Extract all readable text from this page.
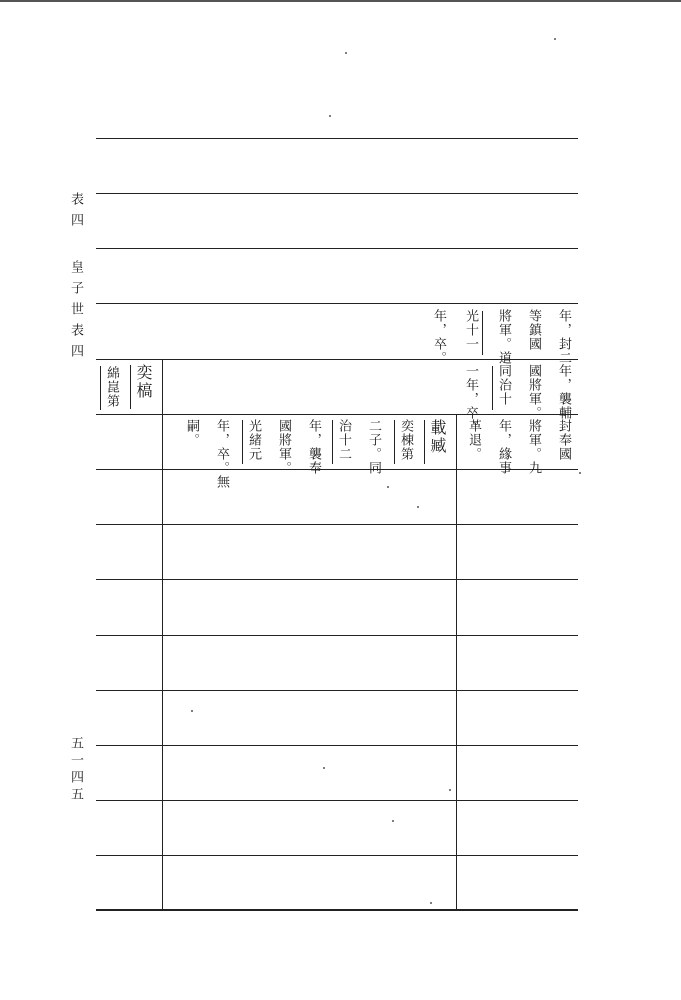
表四
皇子世表四
五一四五
年，封二
等鎮國
將軍。道
光十一
年，卒。
奕槁
綿崑第	年，襲輔
國將軍。
同治十
一年，卒。
封奉國
將軍。九
年，緣事
革退。
載臧
奕棟第
二子。同
治十二
年，襲奉
國將軍。
光緒元
年，卒。無
嗣。
